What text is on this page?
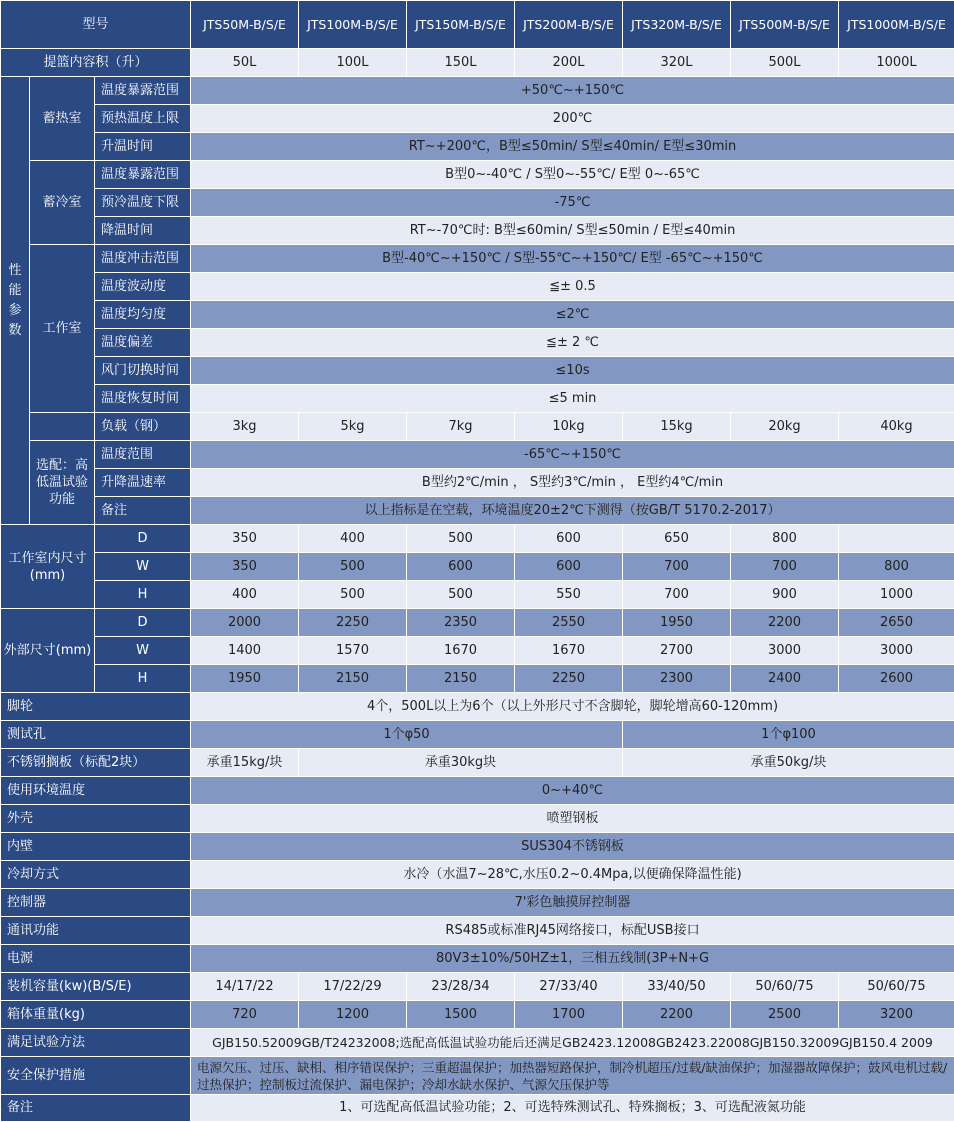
型号			JTS50M-B/S/E	JTS100M-B/S/E	JTS150M-B/S/E	JTS200M-B/S/E	JTS320M-B/S/E	JTS500M-B/S/E	JTS1000M-B/S/E
提篮内容积（升）			50L	100L	150L	200L	320L	500L	1000L
性能参数	蓄热室	温度暴露范围	+50℃~+150℃						
		预热温度上限	200℃						
		升温时间	RT~+200℃，B型≤50min/ S型≤40min/ E型≤30min						
	蓄冷室	温度暴露范围	B型0~-40℃ / S型0~-55℃/ E型 0~-65℃						
		预冷温度下限	-75℃						
		降温时间	RT~-70℃时: B型≤60min/ S型≤50min / E型≤40min						
	工作室	温度冲击范围	B型-40℃~+150℃ / S型-55℃~+150℃/ E型 -65℃~+150℃						
		温度波动度	≦± 0.5						
		温度均匀度	≤2℃						
		温度偏差	≦± 2 ℃						
		风门切换时间	≤10s						
		温度恢复时间	≤5 min						
		负载（钢）	3kg	5kg	7kg	10kg	15kg	20kg	40kg
	选配：高低温试验功能	温度范围	-65℃~+150℃						
		升降温速率	B型约2℃/min ， S型约3℃/min ， E型约4℃/min						
		备注	以上指标是在空载，环境温度20±2℃下测得（按GB/T 5170.2-2017）						
工作室内尺寸(mm)		D	350	400	500	600	650	800	
		W	350	500	600	600	700	700	800
		H	400	500	500	550	700	900	1000
外部尺寸(mm)		D	2000	2250	2350	2550	1950	2200	2650
		W	1400	1570	1670	1670	2700	3000	3000
		H	1950	2150	2150	2250	2300	2400	2600
脚轮			4个，500L以上为6个（以上外形尺寸不含脚轮，脚轮增高60-120mm)						
测试孔			1个φ50				1个φ100		
不锈钢搁板（标配2块）			承重15kg/块	承重30kg块			承重50kg/块		
使用环境温度			0~+40℃						
外壳			喷塑钢板						
内壁			SUS304不锈钢板						
冷却方式			水冷（水温7~28℃,水压0.2~0.4Mpa,以便确保降温性能)						
控制器			7'彩色触摸屏控制器						
通讯功能			RS485或标准RJ45网络接口，标配USB接口						
电源			80V3±10%/50HZ±1，三相五线制(3P+N+G						
装机容量(kw)(B/S/E)			14/17/22	17/22/29	23/28/34	27/33/40	33/40/50	50/60/75	50/60/75
箱体重量(kg)			720	1200	1500	1700	2200	2500	3200
满足试验方法			GJB150.52009GB/T24232008;选配高低温试验功能后还满足GB2423.12008GB2423.22008GJB150.32009GJB150.4 2009						
安全保护措施			电源欠压、过压、缺相、相序错误保护；三重超温保护；加热器短路保护，制冷机超压/过载/缺油保护；加湿器故障保护；鼓风电机过载/过热保护；控制板过流保护、漏电保护；冷却水缺水保护、气源欠压保护等						
备注			1、可选配高低温试验功能；2、可选特殊测试孔、特殊搁板；3、可选配液氮功能						
